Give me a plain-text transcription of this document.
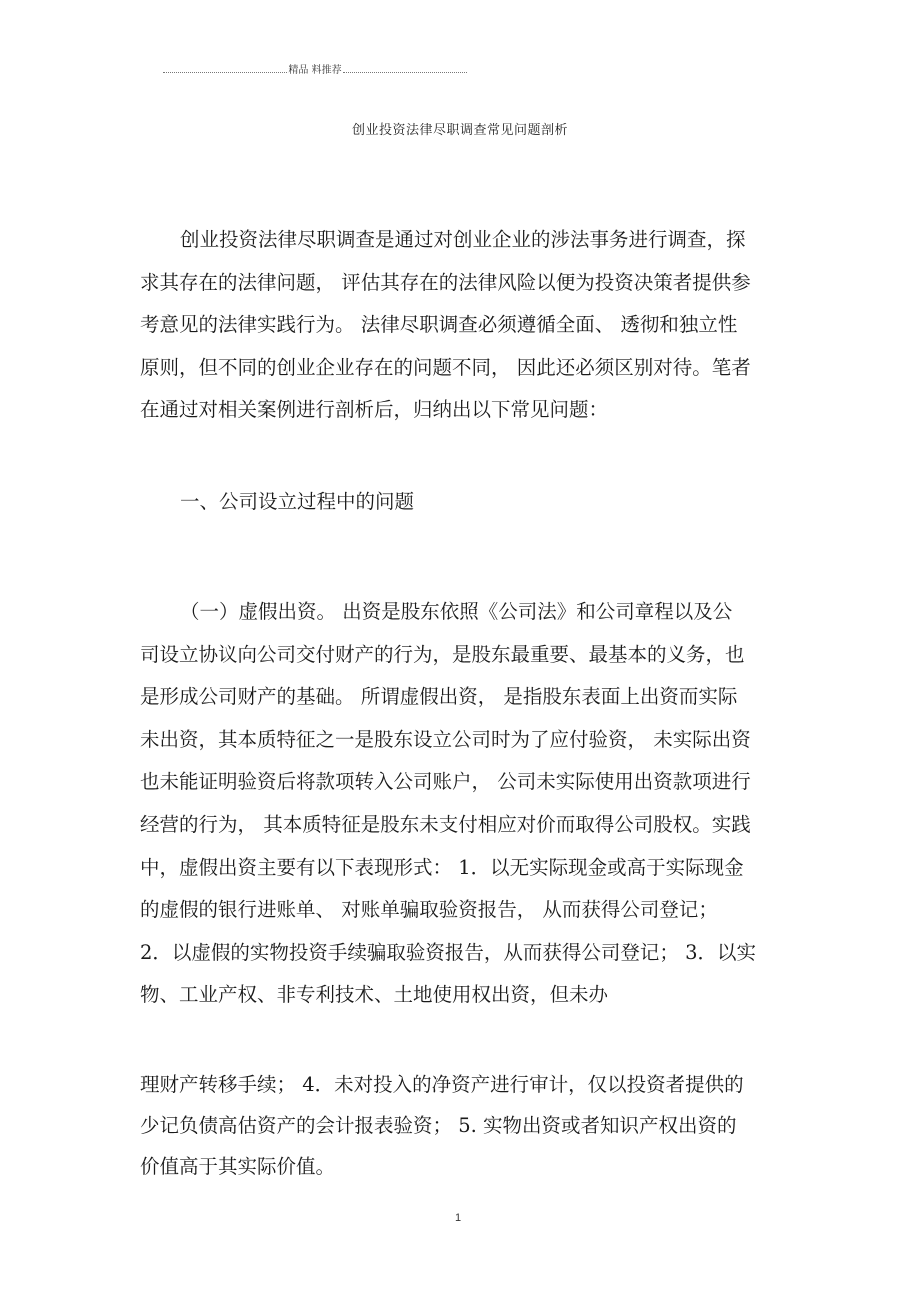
精品 料推荐
创业投资法律尽职调查常见问题剖析
创业投资法律尽职调查是通过对创业企业的涉法事务进行调查，探
求其存在的法律问题， 评估其存在的法律风险以便为投资决策者提供参
考意见的法律实践行为。 法律尽职调查必须遵循全面、 透彻和独立性
原则，但不同的创业企业存在的问题不同， 因此还必须区别对待。笔者
在通过对相关案例进行剖析后，归纳出以下常见问题：
一、公司设立过程中的问题
（一）虚假出资。 出资是股东依照《公司法》和公司章程以及公
司设立协议向公司交付财产的行为，是股东最重要、最基本的义务，也
是形成公司财产的基础。 所谓虚假出资， 是指股东表面上出资而实际
未出资，其本质特征之一是股东设立公司时为了应付验资， 未实际出资
也未能证明验资后将款项转入公司账户， 公司未实际使用出资款项进行
经营的行为， 其本质特征是股东未支付相应对价而取得公司股权。实践
中，虚假出资主要有以下表现形式： 1．以无实际现金或高于实际现金
的虚假的银行进账单、 对账单骗取验资报告， 从而获得公司登记；
2．以虚假的实物投资手续骗取验资报告，从而获得公司登记； 3．以实
物、工业产权、非专利技术、土地使用权出资，但未办
理财产转移手续； 4．未对投入的净资产进行审计，仅以投资者提供的
少记负债高估资产的会计报表验资； 5. 实物出资或者知识产权出资的
价值高于其实际价值。
1
